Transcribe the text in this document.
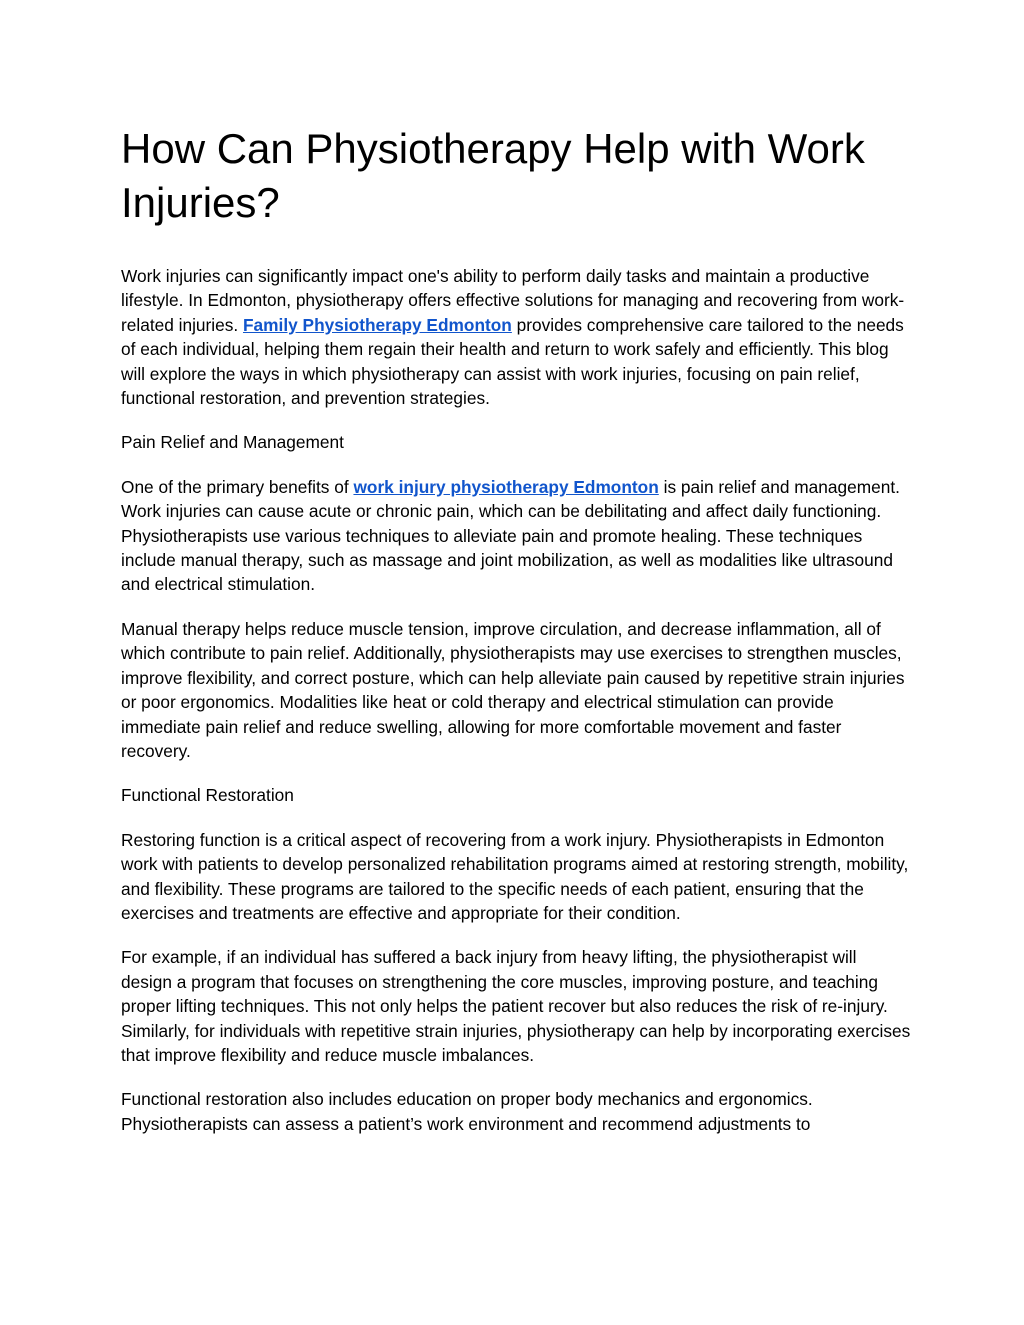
How Can Physiotherapy Help with Work Injuries?

Work injuries can significantly impact one's ability to perform daily tasks and maintain a productive lifestyle. In Edmonton, physiotherapy offers effective solutions for managing and recovering from work-related injuries. Family Physiotherapy Edmonton provides comprehensive care tailored to the needs of each individual, helping them regain their health and return to work safely and efficiently. This blog will explore the ways in which physiotherapy can assist with work injuries, focusing on pain relief, functional restoration, and prevention strategies.

Pain Relief and Management

One of the primary benefits of work injury physiotherapy Edmonton is pain relief and management. Work injuries can cause acute or chronic pain, which can be debilitating and affect daily functioning. Physiotherapists use various techniques to alleviate pain and promote healing. These techniques include manual therapy, such as massage and joint mobilization, as well as modalities like ultrasound and electrical stimulation.

Manual therapy helps reduce muscle tension, improve circulation, and decrease inflammation, all of which contribute to pain relief. Additionally, physiotherapists may use exercises to strengthen muscles, improve flexibility, and correct posture, which can help alleviate pain caused by repetitive strain injuries or poor ergonomics. Modalities like heat or cold therapy and electrical stimulation can provide immediate pain relief and reduce swelling, allowing for more comfortable movement and faster recovery.

Functional Restoration

Restoring function is a critical aspect of recovering from a work injury. Physiotherapists in Edmonton work with patients to develop personalized rehabilitation programs aimed at restoring strength, mobility, and flexibility. These programs are tailored to the specific needs of each patient, ensuring that the exercises and treatments are effective and appropriate for their condition.

For example, if an individual has suffered a back injury from heavy lifting, the physiotherapist will design a program that focuses on strengthening the core muscles, improving posture, and teaching proper lifting techniques. This not only helps the patient recover but also reduces the risk of re-injury. Similarly, for individuals with repetitive strain injuries, physiotherapy can help by incorporating exercises that improve flexibility and reduce muscle imbalances.

Functional restoration also includes education on proper body mechanics and ergonomics. Physiotherapists can assess a patient’s work environment and recommend adjustments to
